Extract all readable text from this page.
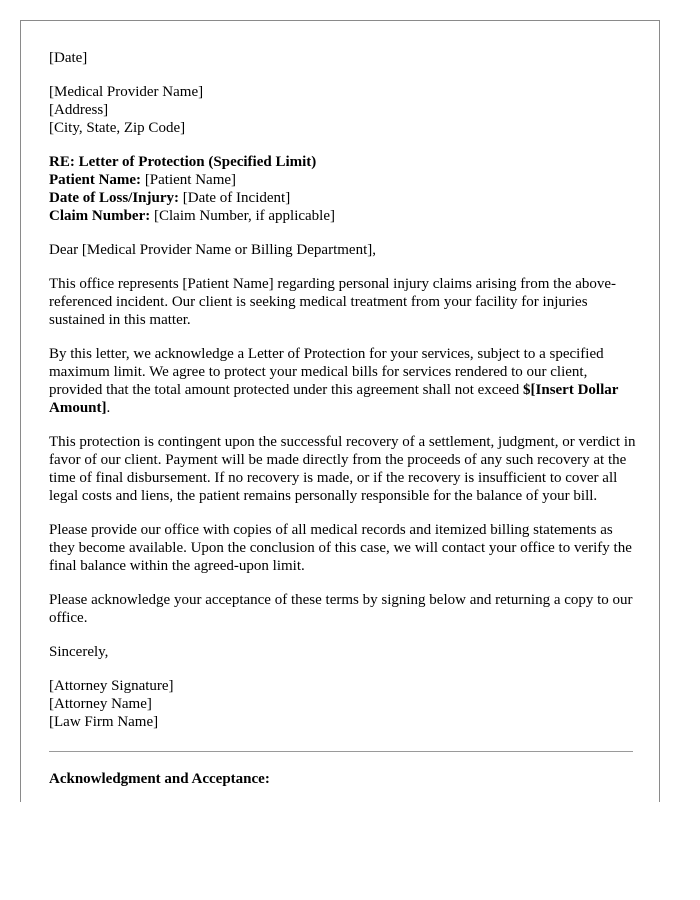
[Date]
[Medical Provider Name]
[Address]
[City, State, Zip Code]
RE: Letter of Protection (Specified Limit)
Patient Name: [Patient Name]
Date of Loss/Injury: [Date of Incident]
Claim Number: [Claim Number, if applicable]

Dear [Medical Provider Name or Billing Department],

This office represents [Patient Name] regarding personal injury claims arising from the above-referenced incident. Our client is seeking medical treatment from your facility for injuries sustained in this matter.

By this letter, we acknowledge a Letter of Protection for your services, subject to a specified maximum limit. We agree to protect your medical bills for services rendered to our client, provided that the total amount protected under this agreement shall not exceed $[Insert Dollar Amount].

This protection is contingent upon the successful recovery of a settlement, judgment, or verdict in favor of our client. Payment will be made directly from the proceeds of any such recovery at the time of final disbursement. If no recovery is made, or if the recovery is insufficient to cover all legal costs and liens, the patient remains personally responsible for the balance of your bill.

Please provide our office with copies of all medical records and itemized billing statements as they become available. Upon the conclusion of this case, we will contact your office to verify the final balance within the agreed-upon limit.

Please acknowledge your acceptance of these terms by signing below and returning a copy to our office.

Sincerely,

[Attorney Signature]
[Attorney Name]
[Law Firm Name]

Acknowledgment and Acceptance:
